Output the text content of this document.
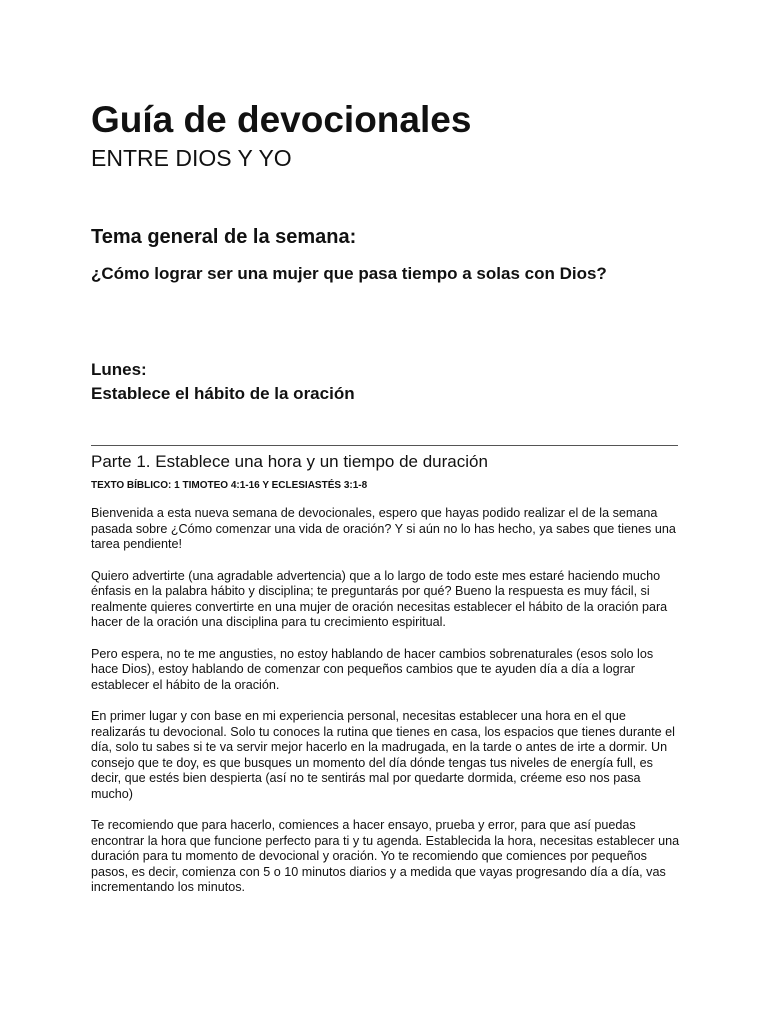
Guía de devocionales
ENTRE DIOS Y YO
Tema general de la semana:

¿Cómo lograr ser una mujer que pasa tiempo a solas con Dios?

Lunes:
Establece el hábito de la oración
Parte 1. Establece una hora y un tiempo de duración
TEXTO BÍBLICO: 1 TIMOTEO 4:1-16 Y ECLESIASTÉS 3:1-8

Bienvenida a esta nueva semana de devocionales, espero que hayas podido realizar el de la semana pasada sobre ¿Cómo comenzar una vida de oración? Y si aún no lo has hecho, ya sabes que tienes una tarea pendiente!

Quiero advertirte (una agradable advertencia) que a lo largo de todo este mes estaré haciendo mucho énfasis en la palabra hábito y disciplina; te preguntarás por qué? Bueno la respuesta es muy fácil, si realmente quieres convertirte en una mujer de oración necesitas establecer el hábito de la oración para hacer de la oración una disciplina para tu crecimiento espiritual.

Pero espera, no te me angusties, no estoy hablando de hacer cambios sobrenaturales (esos solo los hace Dios), estoy hablando de comenzar con pequeños cambios que te ayuden día a día a lograr establecer el hábito de la oración.

En primer lugar y con base en mi experiencia personal, necesitas establecer una hora en el que realizarás tu devocional. Solo tu conoces la rutina que tienes en casa, los espacios que tienes durante el día, solo tu sabes si te va servir mejor hacerlo en la madrugada, en la tarde o antes de irte a dormir. Un consejo que te doy, es que busques un momento del día dónde tengas tus niveles de energía full, es decir, que estés bien despierta (así no te sentirás mal por quedarte dormida, créeme eso nos pasa mucho)

Te recomiendo que para hacerlo, comiences a hacer ensayo, prueba y error, para que así puedas encontrar la hora que funcione perfecto para ti y tu agenda. Establecida la hora, necesitas establecer una duración para tu momento de devocional y oración. Yo te recomiendo que comiences por pequeños pasos, es decir, comienza con 5 o 10 minutos diarios y a medida que vayas progresando día a día, vas incrementando los minutos.
